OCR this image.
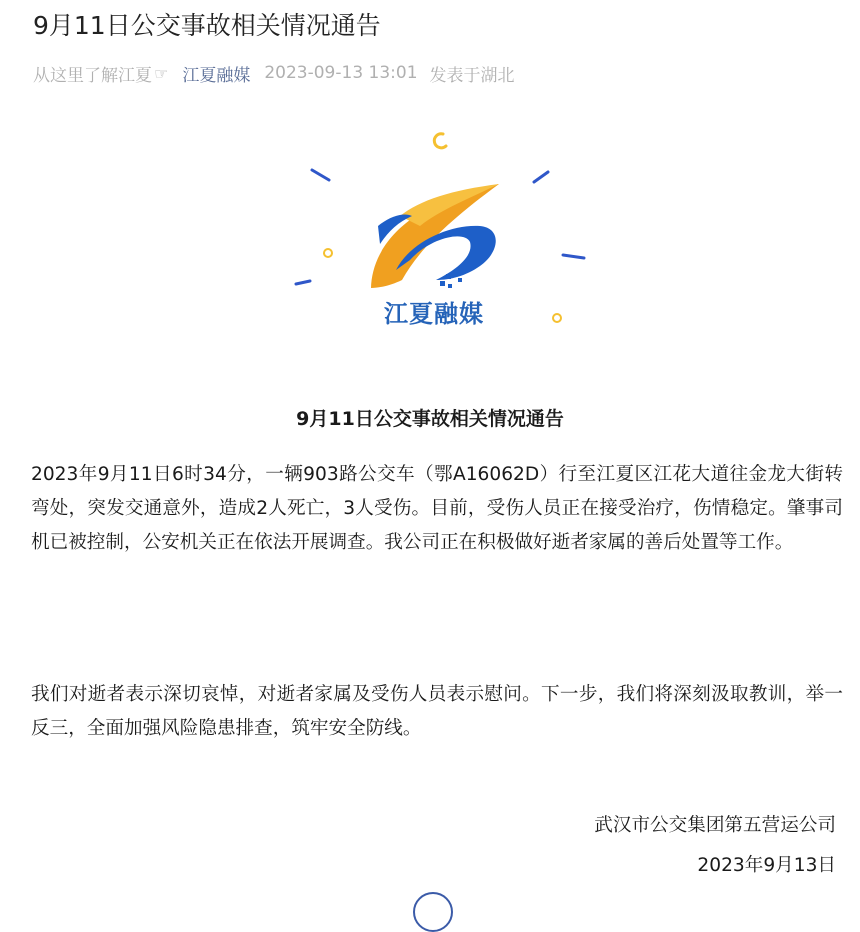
9月11日公交事故相关情况通告
从这里了解江夏 ☞ 江夏融媒 2023-09-13 13:01 发表于湖北
江夏融媒
9月11日公交事故相关情况通告

2023年9月11日6时34分，一辆903路公交车（鄂A16062D）行至江夏区江花大道往金龙大街转弯处，突发交通意外，造成2人死亡，3人受伤。目前，受伤人员正在接受治疗，伤情稳定。肇事司机已被控制，公安机关正在依法开展调查。我公司正在积极做好逝者家属的善后处置等工作。

我们对逝者表示深切哀悼，对逝者家属及受伤人员表示慰问。下一步，我们将深刻汲取教训，举一反三，全面加强风险隐患排查，筑牢安全防线。

武汉市公交集团第五营运公司
2023年9月13日
